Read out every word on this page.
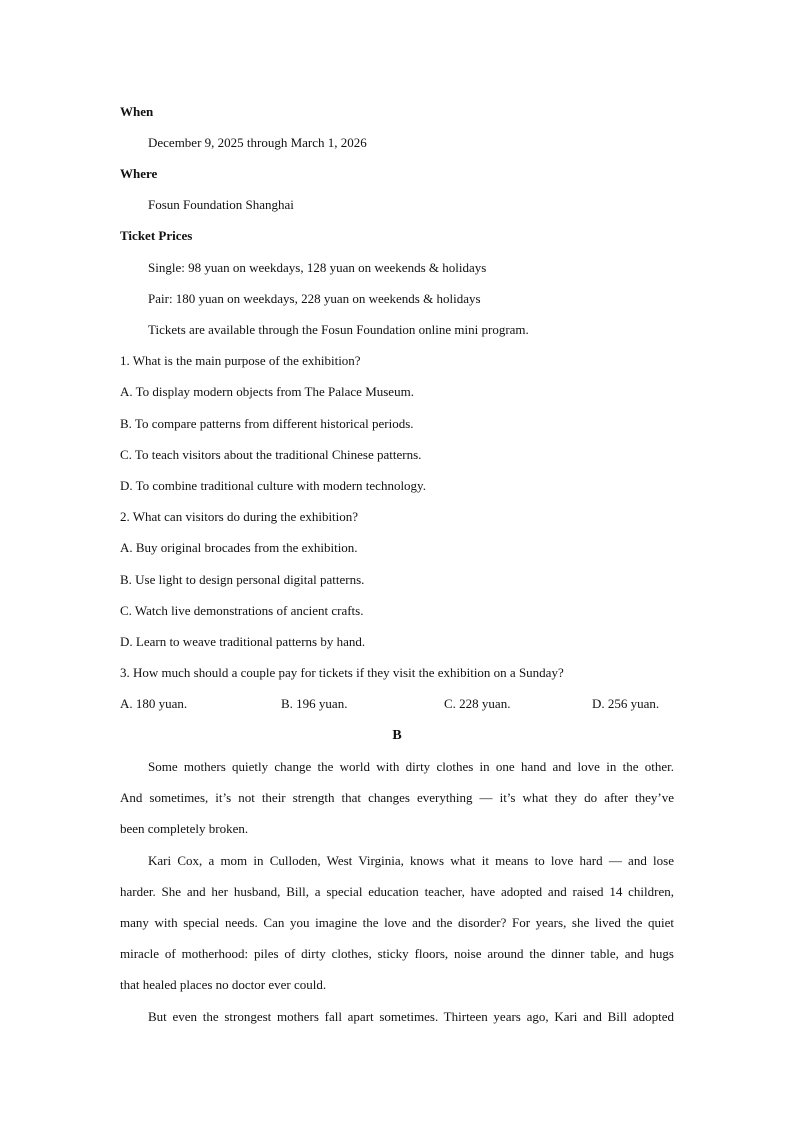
When
December 9, 2025 through March 1, 2026
Where
Fosun Foundation Shanghai
Ticket Prices
Single: 98 yuan on weekdays, 128 yuan on weekends & holidays
Pair: 180 yuan on weekdays, 228 yuan on weekends & holidays
Tickets are available through the Fosun Foundation online mini program.
1. What is the main purpose of the exhibition?
A. To display modern objects from The Palace Museum.
B. To compare patterns from different historical periods.
C. To teach visitors about the traditional Chinese patterns.
D. To combine traditional culture with modern technology.
2. What can visitors do during the exhibition?
A. Buy original brocades from the exhibition.
B. Use light to design personal digital patterns.
C. Watch live demonstrations of ancient crafts.
D. Learn to weave traditional patterns by hand.
3. How much should a couple pay for tickets if they visit the exhibition on a Sunday?
A. 180 yuan.	B. 196 yuan.	C. 228 yuan.	D. 256 yuan.
B
Some mothers quietly change the world with dirty clothes in one hand and love in the other.
And sometimes, it’s not their strength that changes everything — it’s what they do after they’ve
been completely broken.
Kari Cox, a mom in Culloden, West Virginia, knows what it means to love hard — and lose
harder. She and her husband, Bill, a special education teacher, have adopted and raised 14 children,
many with special needs. Can you imagine the love and the disorder? For years, she lived the quiet
miracle of motherhood: piles of dirty clothes, sticky floors, noise around the dinner table, and hugs
that healed places no doctor ever could.
But even the strongest mothers fall apart sometimes. Thirteen years ago, Kari and Bill adopted
